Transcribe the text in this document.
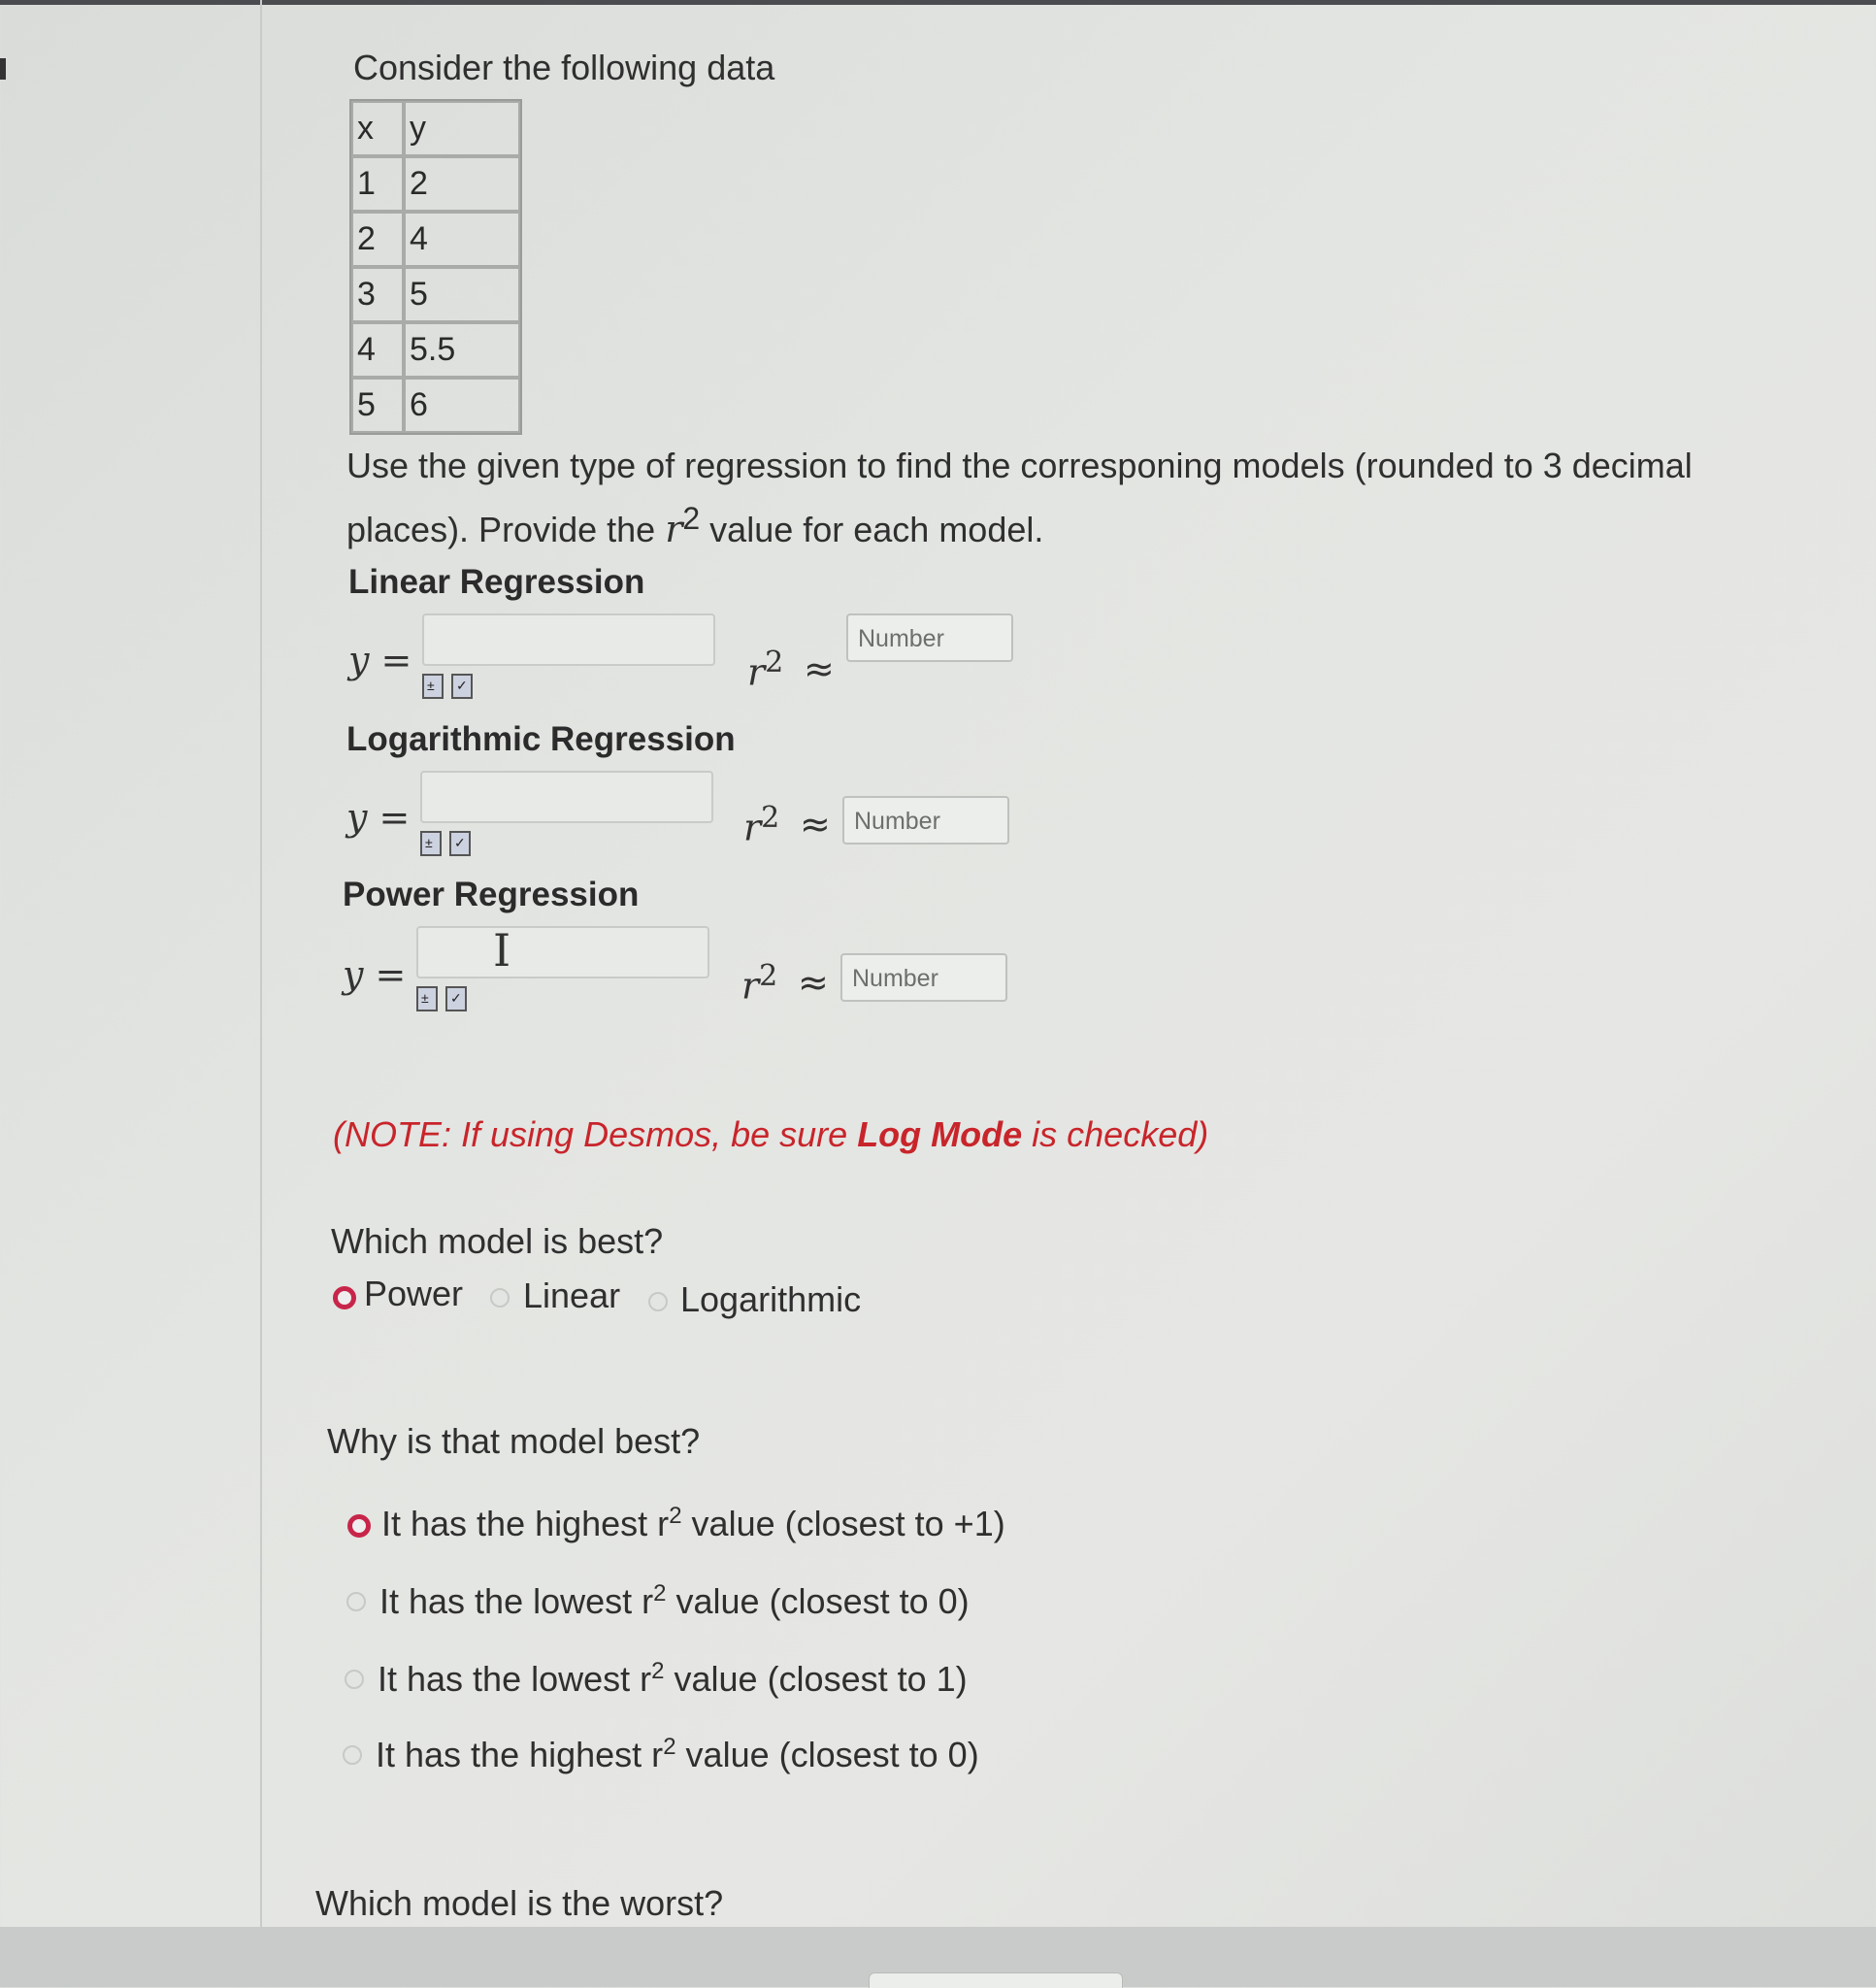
Consider the following data
x	y
1	2
2	4
3	5
4	5.5
5	6
Use the given type of regression to find the corresponing models (rounded to 3 decimal
places). Provide the $r^2$ value for each model.
Linear Regression
y =
± ✓	$r^2$ ≈
Number
Logarithmic Regression
y =
± ✓	$r^2$ ≈ Number
Power Regression
y = I
± ✓	$r^2$ ≈ Number
(NOTE: If using Desmos, be sure Log Mode is checked)
Which model is best?
Power Linear Logarithmic
Why is that model best?
It has the highest $r^2$ value (closest to +1)
It has the lowest $r^2$ value (closest to 0)
It has the lowest $r^2$ value (closest to 1)
It has the highest $r^2$ value (closest to 0)
Which model is the worst?
